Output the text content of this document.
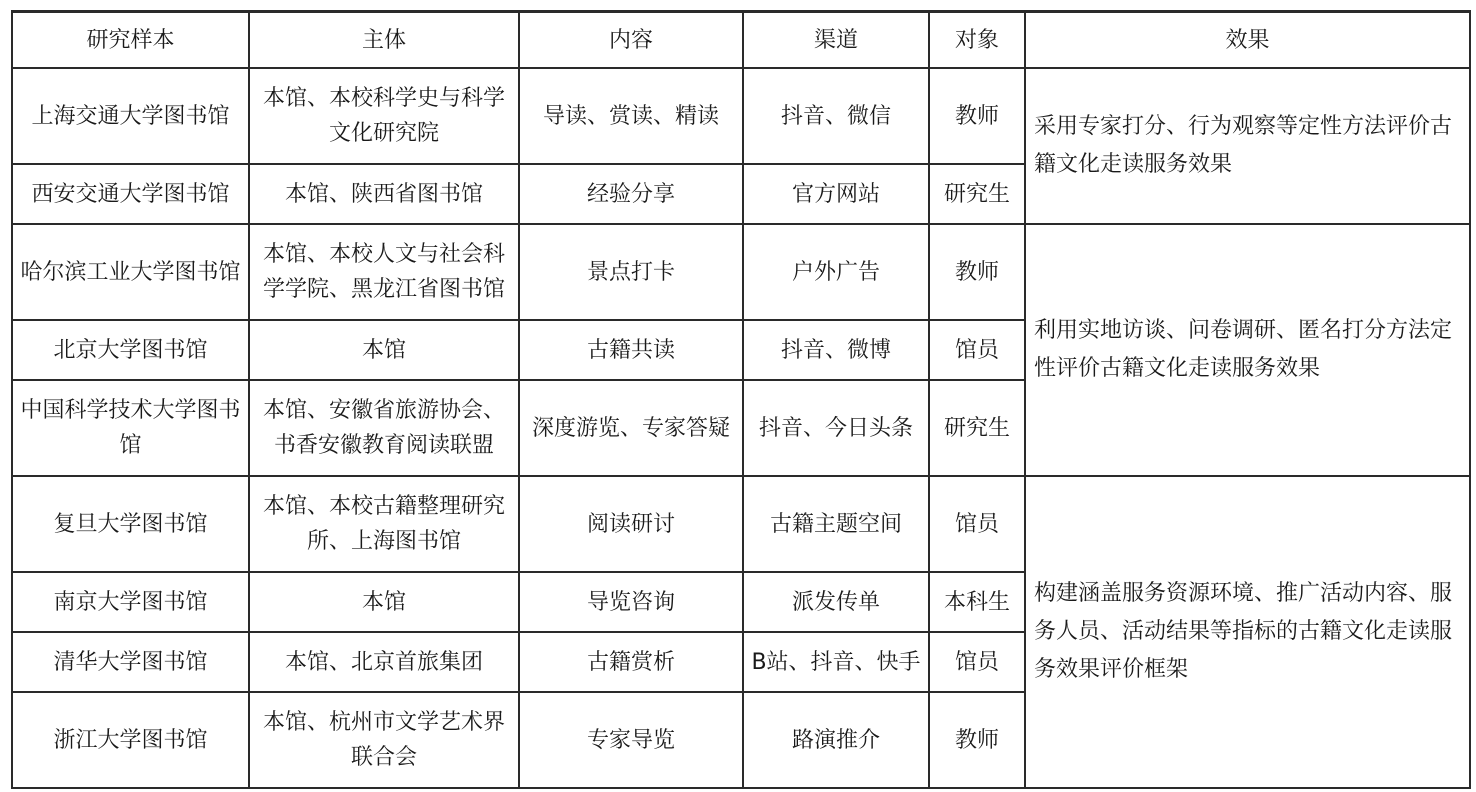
研究样本	主体	内容	渠道	对象	效果
上海交通大学图书馆	本馆、本校科学史与科学文化研究院	导读、赏读、精读	抖音、微信	教师	采用专家打分、行为观察等定性方法评价古籍文化走读服务效果
西安交通大学图书馆	本馆、陕西省图书馆	经验分享	官方网站	研究生	
哈尔滨工业大学图书馆	本馆、本校人文与社会科学学院、黑龙江省图书馆	景点打卡	户外广告	教师	利用实地访谈、问卷调研、匿名打分方法定性评价古籍文化走读服务效果
北京大学图书馆	本馆	古籍共读	抖音、微博	馆员	
中国科学技术大学图书馆	本馆、安徽省旅游协会、书香安徽教育阅读联盟	深度游览、专家答疑	抖音、今日头条	研究生	
复旦大学图书馆	本馆、本校古籍整理研究所、上海图书馆	阅读研讨	古籍主题空间	馆员	构建涵盖服务资源环境、推广活动内容、服务人员、活动结果等指标的古籍文化走读服务效果评价框架
南京大学图书馆	本馆	导览咨询	派发传单	本科生	
清华大学图书馆	本馆、北京首旅集团	古籍赏析	B站、抖音、快手	馆员	
浙江大学图书馆	本馆、杭州市文学艺术界联合会	专家导览	路演推介	教师	
